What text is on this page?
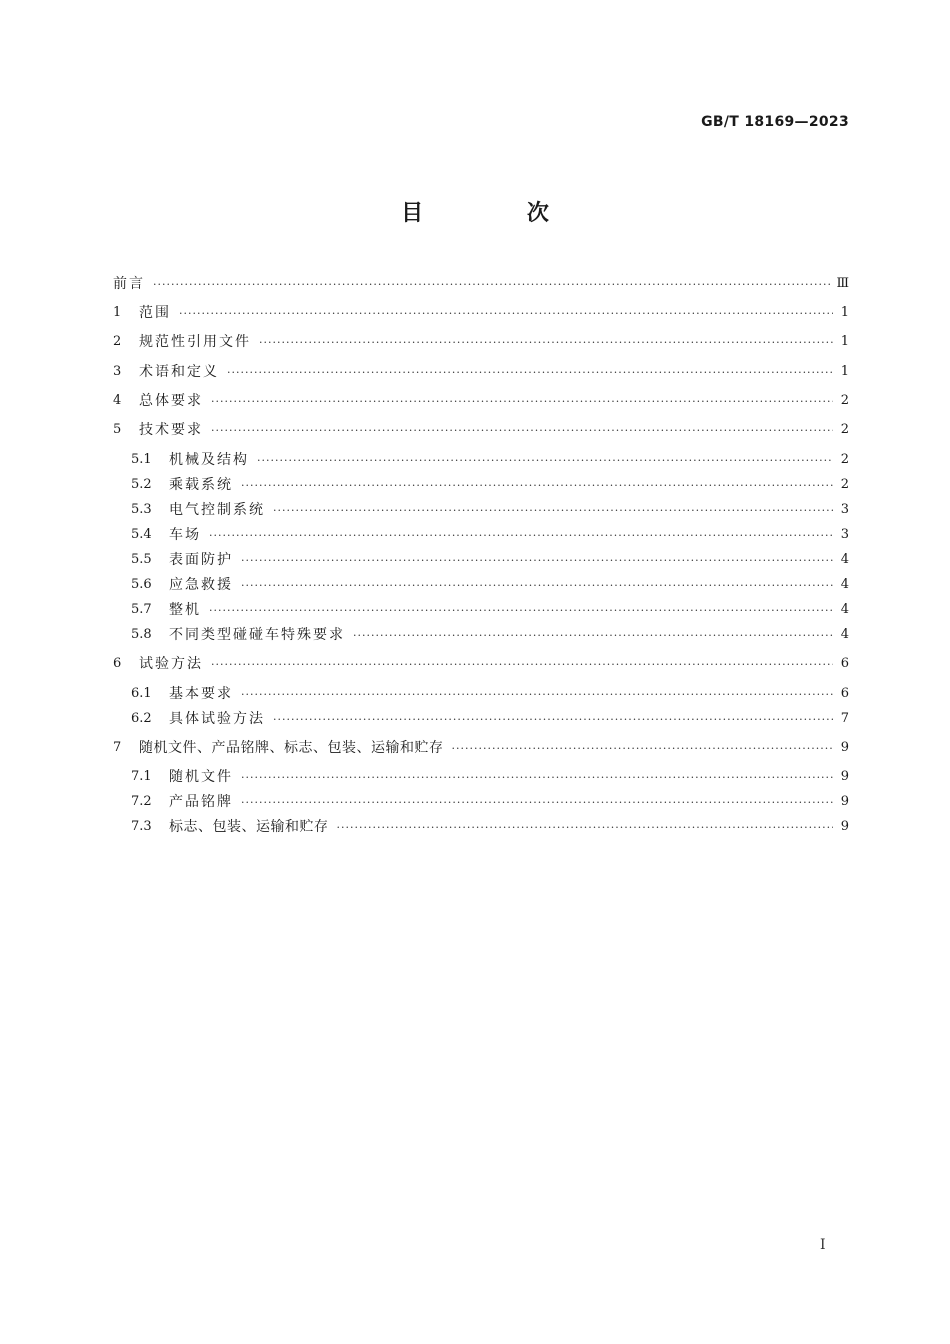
GB/T 18169—2023
目 次
前言 ·····	Ⅲ
1	范围 ·····	1
2	规范性引用文件 ·····	1
3	术语和定义 ·····	1
4	总体要求 ·····	2
5	技术要求 ·····	2
5.1	机械及结构 ·····	2
5.2	乘载系统 ·····	2
5.3	电气控制系统 ·····	3
5.4	车场 ·····	3
5.5	表面防护 ·····	4
5.6	应急救援 ·····	4
5.7	整机 ·····	4
5.8	不同类型碰碰车特殊要求 ·····	4
6	试验方法 ·····	6
6.1	基本要求 ·····	6
6.2	具体试验方法 ·····	7
7	随机文件、产品铭牌、标志、包装、运输和贮存 ·····	9
7.1	随机文件 ·····	9
7.2	产品铭牌 ·····	9
7.3	标志、包装、运输和贮存 ·····	9
I
